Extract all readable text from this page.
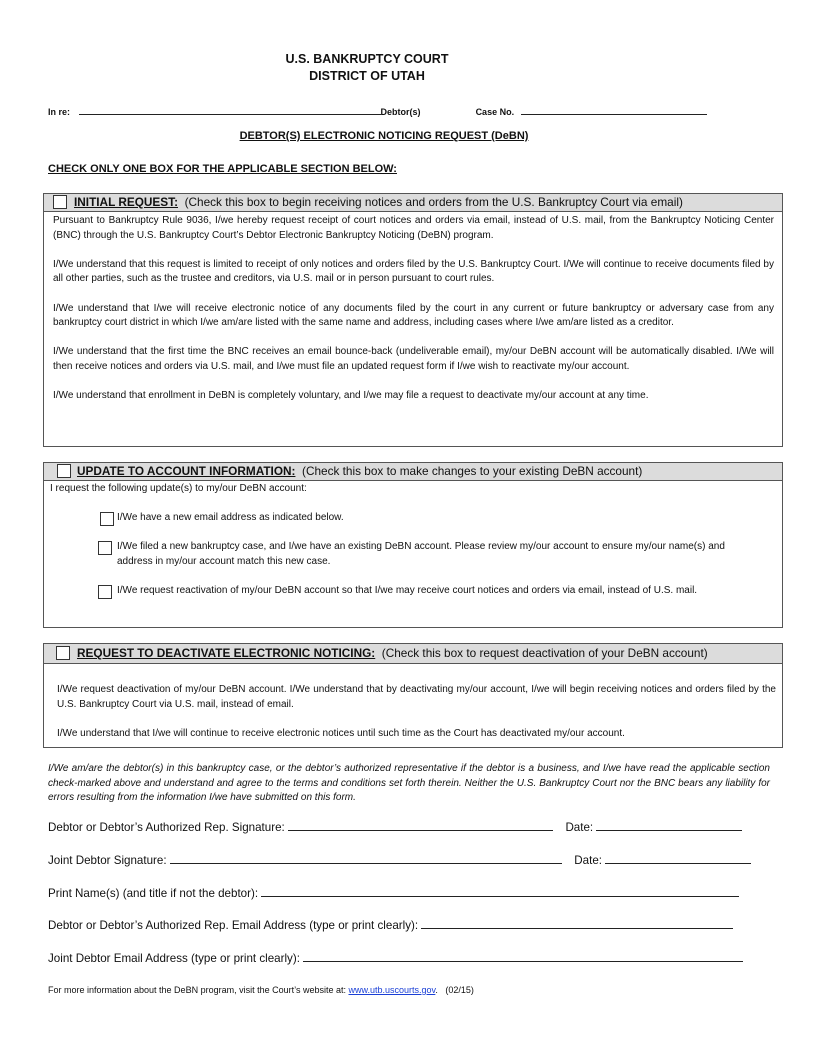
U.S. BANKRUPTCY COURT
DISTRICT OF UTAH
In re:	Debtor(s)	Case No.
DEBTOR(S) ELECTRONIC NOTICING REQUEST (DeBN)
CHECK ONLY ONE BOX FOR THE APPLICABLE SECTION BELOW:
INITIAL REQUEST: (Check this box to begin receiving notices and orders from the U.S. Bankruptcy Court via email)

Pursuant to Bankruptcy Rule 9036, I/we hereby request receipt of court notices and orders via email, instead of U.S. mail, from the Bankruptcy Noticing Center (BNC) through the U.S. Bankruptcy Court’s Debtor Electronic Bankruptcy Noticing (DeBN) program.

I/We understand that this request is limited to receipt of only notices and orders filed by the U.S. Bankruptcy Court. I/We will continue to receive documents filed by all other parties, such as the trustee and creditors, via U.S. mail or in person pursuant to court rules.

I/We understand that I/we will receive electronic notice of any documents filed by the court in any current or future bankruptcy or adversary case from any bankruptcy court district in which I/we am/are listed with the same name and address, including cases where I/we am/are listed as a creditor.

I/We understand that the first time the BNC receives an email bounce-back (undeliverable email), my/our DeBN account will be automatically disabled. I/We will then receive notices and orders via U.S. mail, and I/we must file an updated request form if I/we wish to reactivate my/our account.

I/We understand that enrollment in DeBN is completely voluntary, and I/we may file a request to deactivate my/our account at any time.

UPDATE TO ACCOUNT INFORMATION: (Check this box to make changes to your existing DeBN account)
I request the following update(s) to my/our DeBN account:
I/We have a new email address as indicated below.
I/We filed a new bankruptcy case, and I/we have an existing DeBN account. Please review my/our account to ensure my/our name(s) and address in my/our account match this new case.
I/We request reactivation of my/our DeBN account so that I/we may receive court notices and orders via email, instead of U.S. mail.
REQUEST TO DEACTIVATE ELECTRONIC NOTICING: (Check this box to request deactivation of your DeBN account)

I/We request deactivation of my/our DeBN account. I/We understand that by deactivating my/our account, I/we will begin receiving notices and orders filed by the U.S. Bankruptcy Court via U.S. mail, instead of email.

I/We understand that I/we will continue to receive electronic notices until such time as the Court has deactivated my/our account.

I/We am/are the debtor(s) in this bankruptcy case, or the debtor’s authorized representative if the debtor is a business, and I/we have read the applicable section check-marked above and understand and agree to the terms and conditions set forth therein. Neither the U.S. Bankruptcy Court nor the BNC bears any liability for errors resulting from the information I/we have submitted on this form.
Debtor or Debtor’s Authorized Rep. Signature:	Date:
Joint Debtor Signature:	Date:
Print Name(s) (and title if not the debtor):
Debtor or Debtor’s Authorized Rep. Email Address (type or print clearly):
Joint Debtor Email Address (type or print clearly):
For more information about the DeBN program, visit the Court’s website at: www.utb.uscourts.gov. (02/15)
